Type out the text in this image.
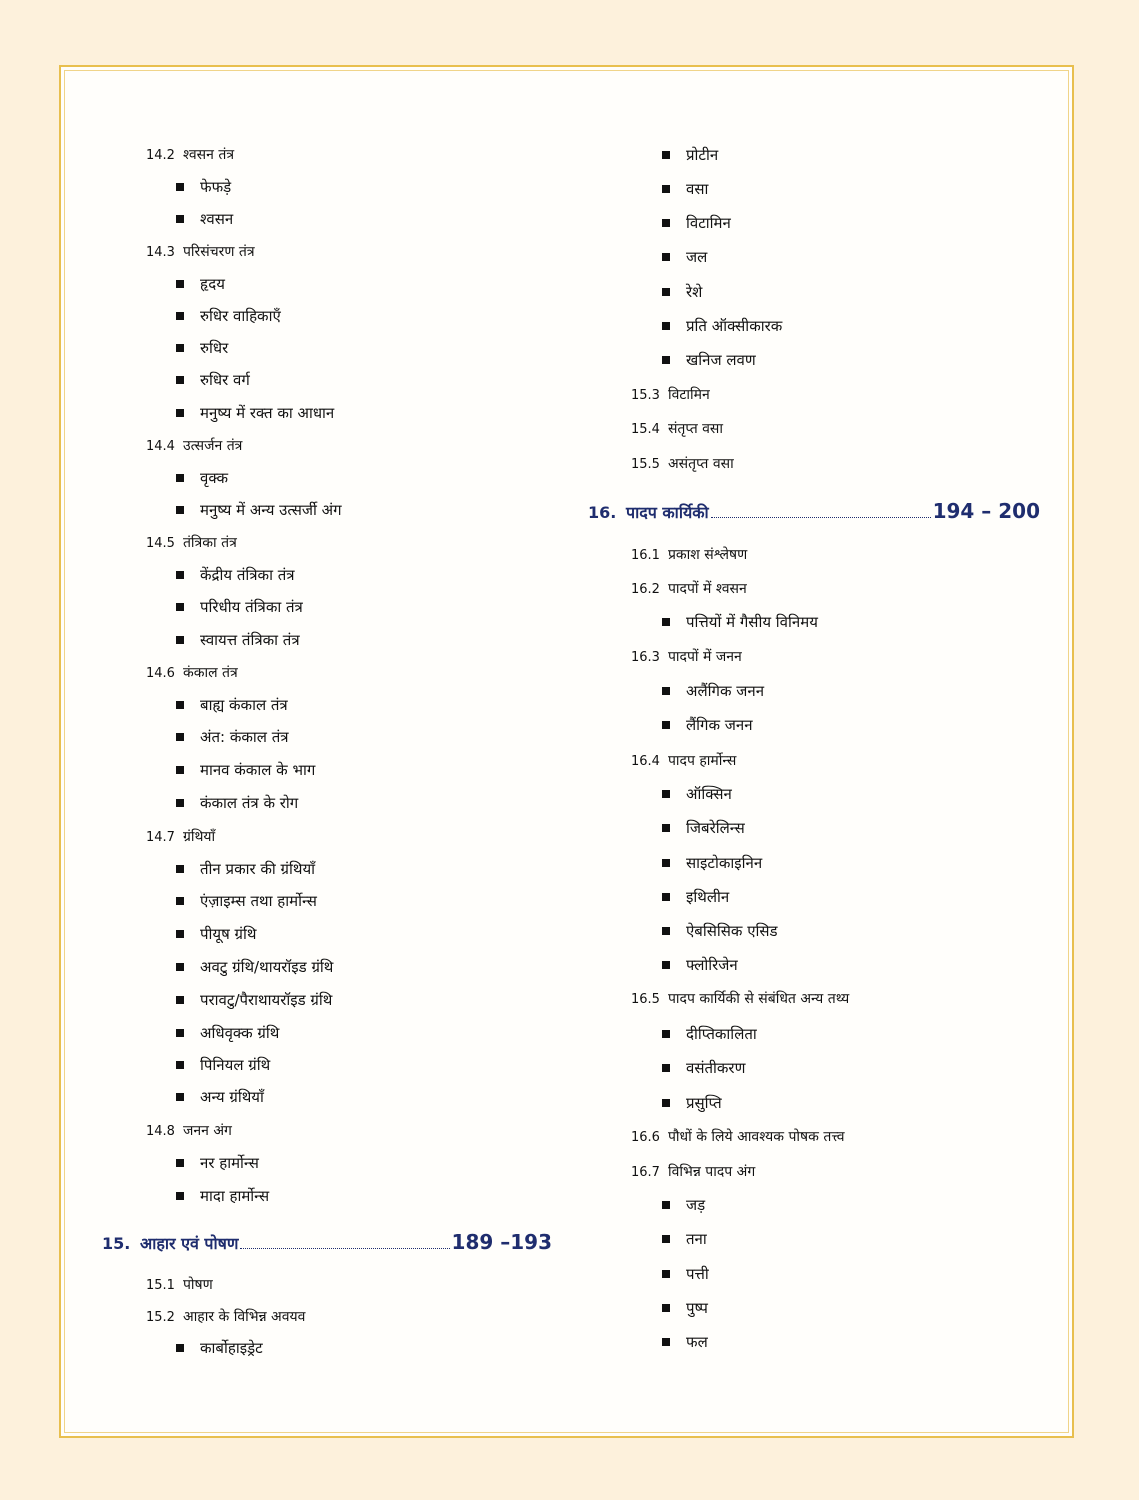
14.2 श्वसन तंत्र
फेफड़े
श्वसन
14.3 परिसंचरण तंत्र
हृदय
रुधिर वाहिकाएँ
रुधिर
रुधिर वर्ग
मनुष्य में रक्त का आधान
14.4 उत्सर्जन तंत्र
वृक्क
मनुष्य में अन्य उत्सर्जी अंग
14.5 तंत्रिका तंत्र
केंद्रीय तंत्रिका तंत्र
परिधीय तंत्रिका तंत्र
स्वायत्त तंत्रिका तंत्र
14.6 कंकाल तंत्र
बाह्य कंकाल तंत्र
अंत: कंकाल तंत्र
मानव कंकाल के भाग
कंकाल तंत्र के रोग
14.7 ग्रंथियाँ
तीन प्रकार की ग्रंथियाँ
एंज़ाइम्स तथा हार्मोन्स
पीयूष ग्रंथि
अवटु ग्रंथि/थायरॉइड ग्रंथि
परावटु/पैराथायरॉइड ग्रंथि
अधिवृक्क ग्रंथि
पिनियल ग्रंथि
अन्य ग्रंथियाँ
14.8 जनन अंग
नर हार्मोन्स
मादा हार्मोन्स
15. आहार एवं पोषण	189 –193
15.1 पोषण
15.2 आहार के विभिन्न अवयव
कार्बोहाइड्रेट
प्रोटीन
वसा
विटामिन
जल
रेशे
प्रति ऑक्सीकारक
खनिज लवण
15.3 विटामिन
15.4 संतृप्त वसा
15.5 असंतृप्त वसा
16. पादप कार्यिकी	194 – 200
16.1 प्रकाश संश्लेषण
16.2 पादपों में श्वसन
पत्तियों में गैसीय विनिमय
16.3 पादपों में जनन
अलैंगिक जनन
लैंगिक जनन
16.4 पादप हार्मोन्स
ऑक्सिन
जिबरेलिन्स
साइटोकाइनिन
इथिलीन
ऐबसिसिक एसिड
फ्लोरिजेन
16.5 पादप कार्यिकी से संबंधित अन्य तथ्य
दीप्तिकालिता
वसंतीकरण
प्रसुप्ति
16.6 पौधों के लिये आवश्यक पोषक तत्त्व
16.7 विभिन्न पादप अंग
जड़
तना
पत्ती
पुष्प
फल
